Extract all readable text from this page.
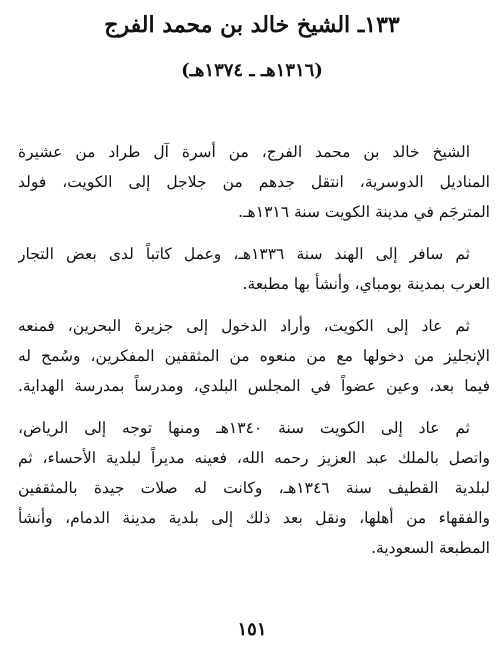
١٣٣ـ الشيخ خالد بن محمد الفرج
(١٣١٦هـ ـ ١٣٧٤هـ)

الشيخ خالد بن محمد الفرج، من أسرة آل طراد من عشيرة
المناديل الدوسرية، انتقل جدهم من جلاجل إلى الكويت، فولد
المترجَم في مدينة الكويت سنة ١٣١٦هـ.

ثم سافر إلى الهند سنة ١٣٣٦هـ، وعمل كاتباً لدى بعض التجار
العرب بمدينة بومباي، وأنشأ بها مطبعة.

ثم عاد إلى الكويت، وأراد الدخول إلى جزيرة البحرين، فمنعه
الإنجليز من دخولها مع من منعوه من المثقفين المفكرين، وسُمح له
فيما بعد، وعين عضواً في المجلس البلدي، ومدرساً بمدرسة الهداية.

ثم عاد إلى الكويت سنة ١٣٤٠هـ ومنها توجه إلى الرياض،
واتصل بالملك عبد العزيز رحمه الله، فعينه مديراً لبلدية الأحساء، ثم
لبلدية القطيف سنة ١٣٤٦هـ، وكانت له صلات جيدة بالمثقفين
والفقهاء من أهلها، ونقل بعد ذلك إلى بلدية مدينة الدمام، وأنشأ
المطبعة السعودية.

١٥١
